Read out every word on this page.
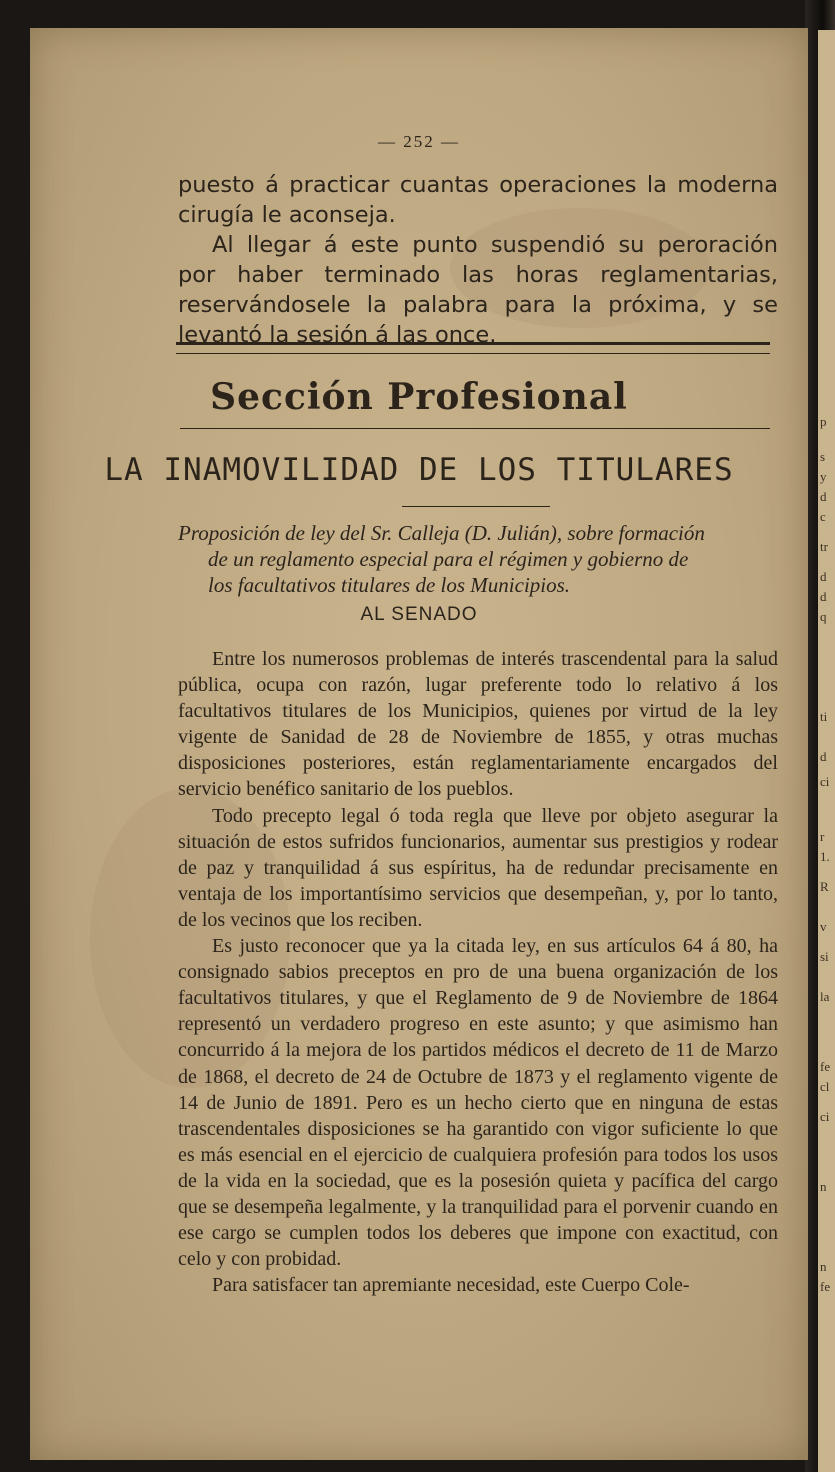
p
s
y
d
c
tr
d
d
q
ti
d
ci
r
1.
R
v
si
la
fe
cl
ci
n
n
fe
— 252 —

puesto á practicar cuantas operaciones la moderna cirugía le aconseja.

Al llegar á este punto suspendió su peroración por haber terminado las horas reglamentarias, reservándosele la palabra para la próxima, y se levantó la sesión á las once.

Sección Profesional
LA INAMOVILIDAD DE LOS TITULARES
Proposición de ley del Sr. Calleja (D. Julián), sobre formación
de un reglamento especial para el régimen y gobierno de
los facultativos titulares de los Municipios.
AL SENADO

Entre los numerosos problemas de interés trascendental para la salud pública, ocupa con razón, lugar preferente todo lo relativo á los facultativos titulares de los Municipios, quienes por virtud de la ley vigente de Sanidad de 28 de Noviembre de 1855, y otras muchas disposiciones posteriores, están reglamentariamente encargados del servicio benéfico sanitario de los pueblos.

Todo precepto legal ó toda regla que lleve por objeto asegurar la situación de estos sufridos funcionarios, aumentar sus prestigios y rodear de paz y tranquilidad á sus espíritus, ha de redundar precisamente en ventaja de los importantísimo servicios que desempeñan, y, por lo tanto, de los vecinos que los reciben.

Es justo reconocer que ya la citada ley, en sus artículos 64 á 80, ha consignado sabios preceptos en pro de una buena organización de los facultativos titulares, y que el Reglamento de 9 de Noviembre de 1864 representó un verdadero progreso en este asunto; y que asimismo han concurrido á la mejora de los partidos médicos el decreto de 11 de Marzo de 1868, el decreto de 24 de Octubre de 1873 y el reglamento vigente de 14 de Junio de 1891. Pero es un hecho cierto que en ninguna de estas trascendentales disposiciones se ha garantido con vigor suficiente lo que es más esencial en el ejercicio de cualquiera profesión para todos los usos de la vida en la sociedad, que es la posesión quieta y pacífica del cargo que se desempeña legalmente, y la tranquilidad para el porvenir cuando en ese cargo se cumplen todos los deberes que impone con exactitud, con celo y con probidad.

Para satisfacer tan apremiante necesidad, este Cuerpo Cole-
